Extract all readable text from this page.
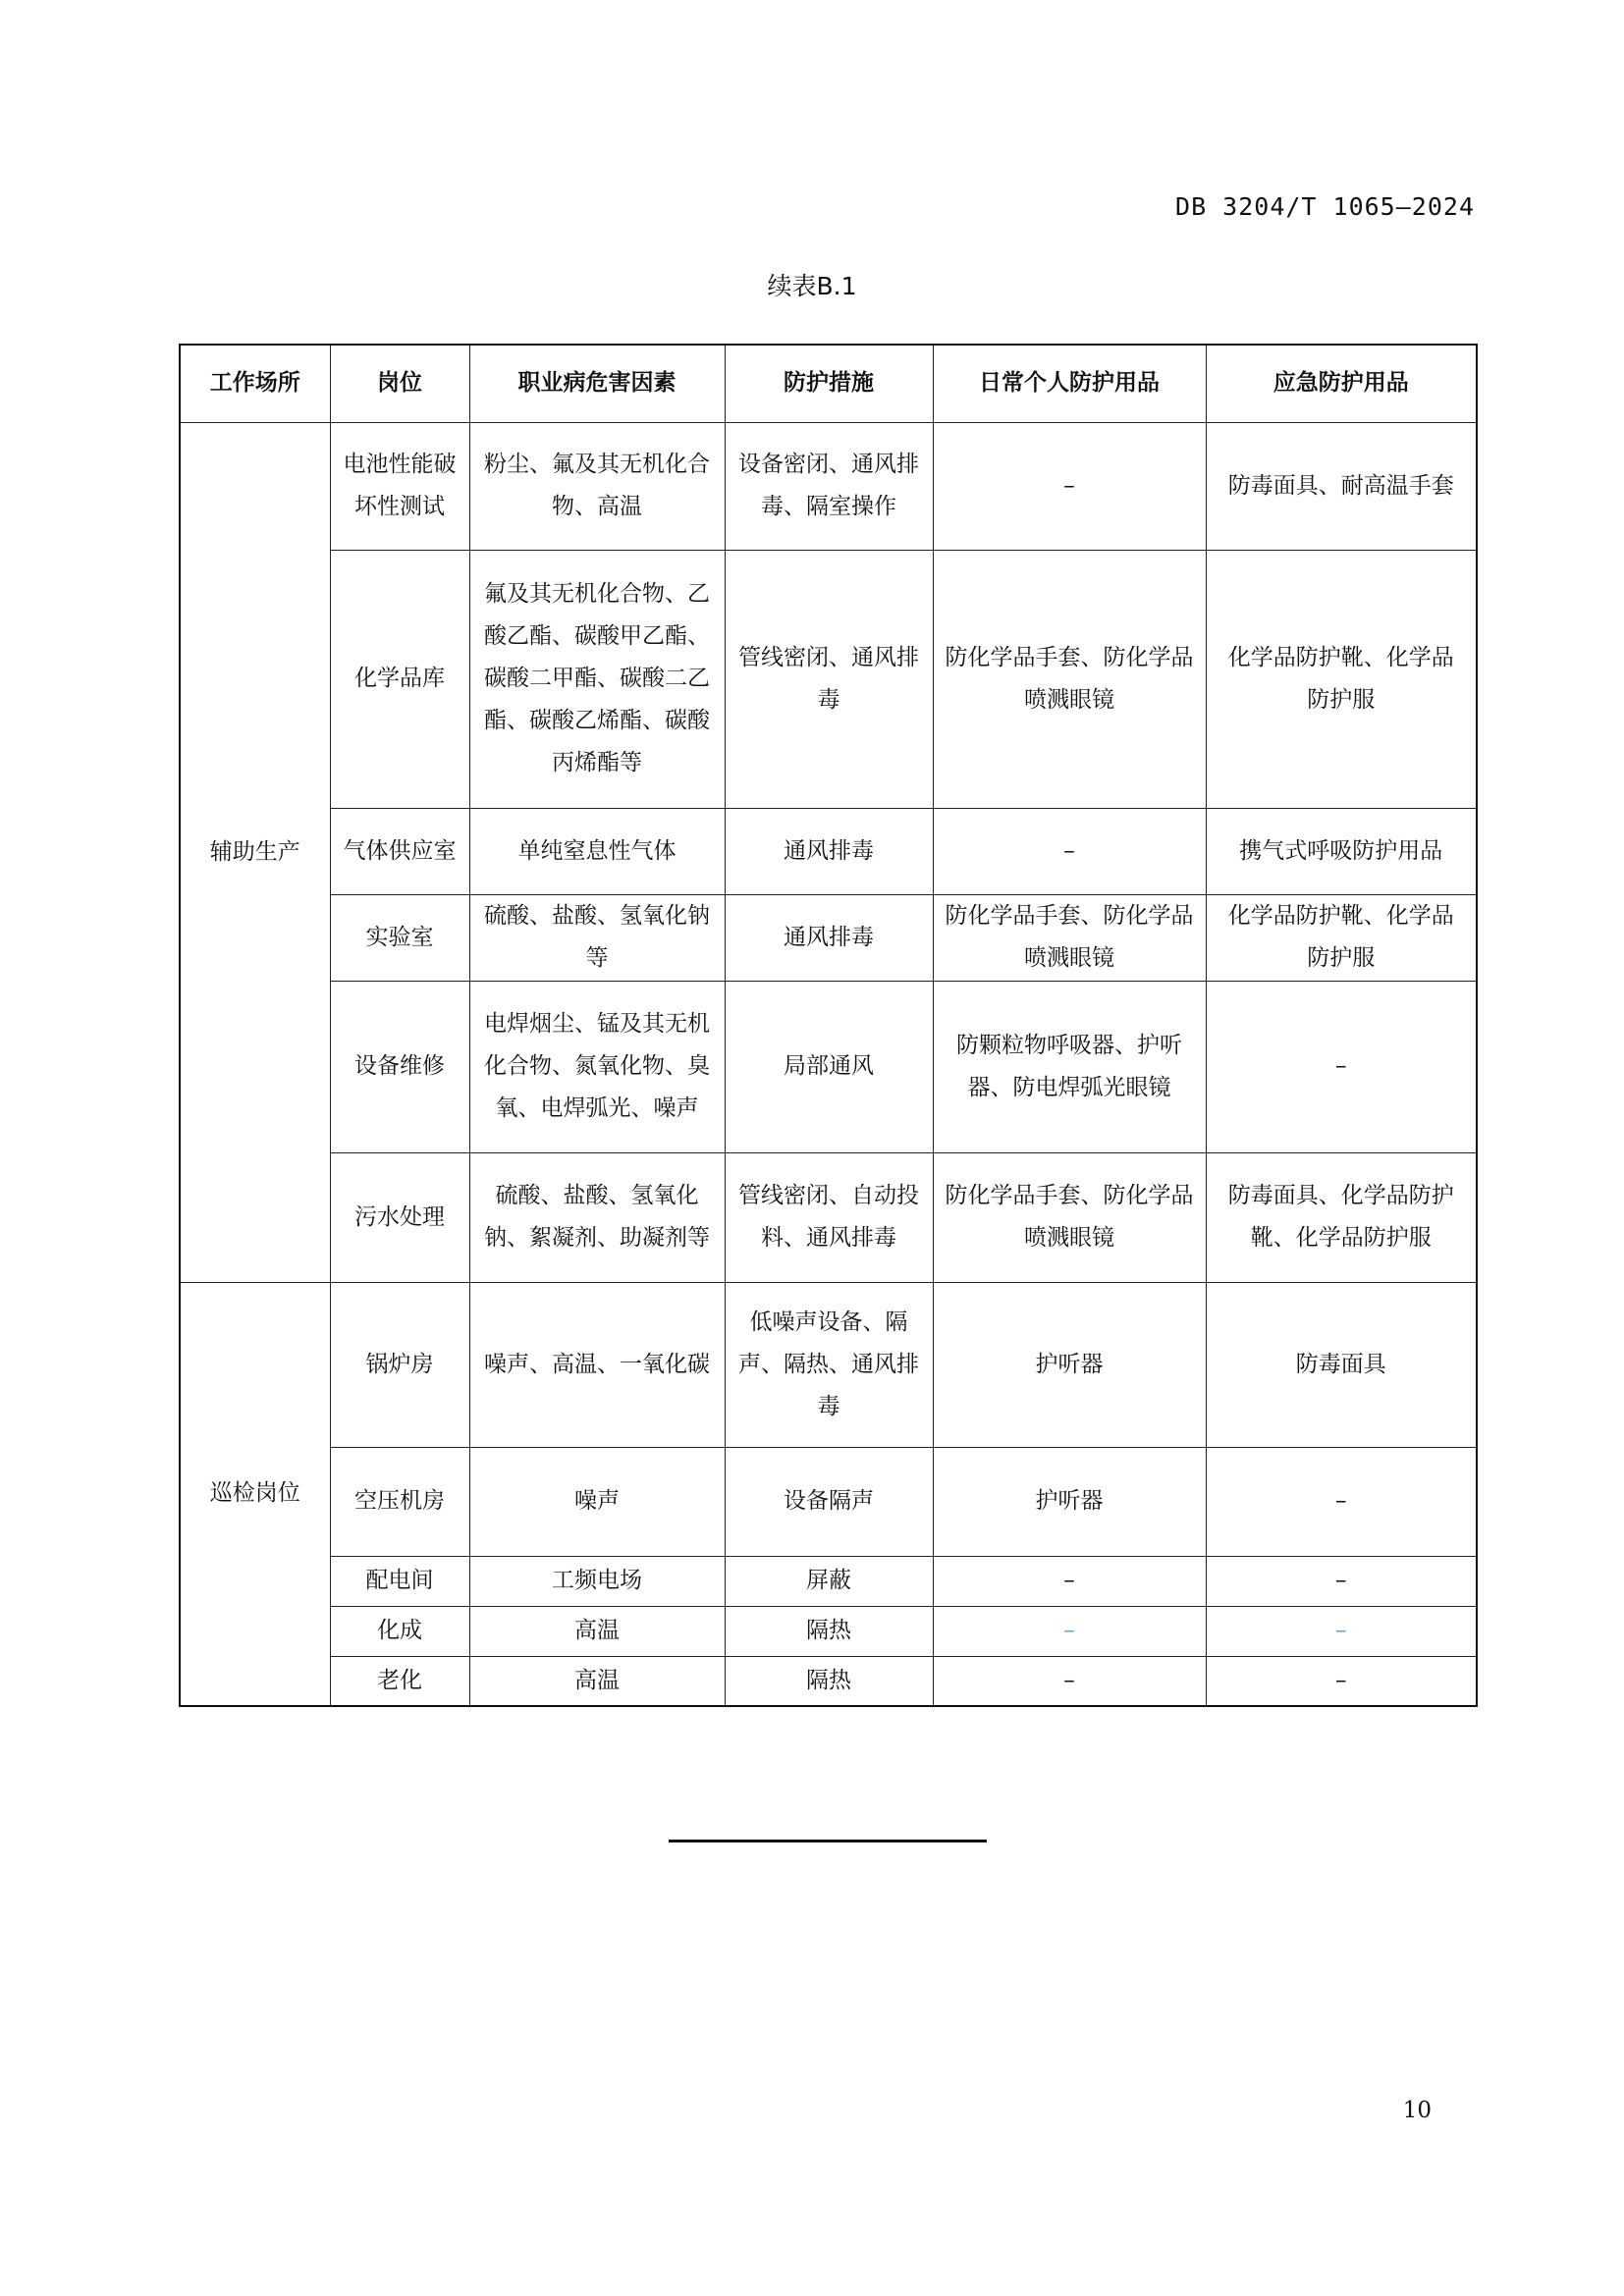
DB 3204/T 1065—2024
续表B.1
工作场所	岗位	职业病危害因素	防护措施	日常个人防护用品	应急防护用品
辅助生产	电池性能破坏性测试	粉尘、氟及其无机化合物、高温	设备密闭、通风排毒、隔室操作	–	防毒面具、耐高温手套
	化学品库	氟及其无机化合物、乙酸乙酯、碳酸甲乙酯、碳酸二甲酯、碳酸二乙酯、碳酸乙烯酯、碳酸丙烯酯等	管线密闭、通风排毒	防化学品手套、防化学品喷溅眼镜	化学品防护靴、化学品防护服
	气体供应室	单纯窒息性气体	通风排毒	–	携气式呼吸防护用品
	实验室	硫酸、盐酸、氢氧化钠等	通风排毒	防化学品手套、防化学品喷溅眼镜	化学品防护靴、化学品防护服
	设备维修	电焊烟尘、锰及其无机化合物、氮氧化物、臭氧、电焊弧光、噪声	局部通风	防颗粒物呼吸器、护听器、防电焊弧光眼镜	–
	污水处理	硫酸、盐酸、氢氧化钠、絮凝剂、助凝剂等	管线密闭、自动投料、通风排毒	防化学品手套、防化学品喷溅眼镜	防毒面具、化学品防护靴、化学品防护服
巡检岗位	锅炉房	噪声、高温、一氧化碳	低噪声设备、隔声、隔热、通风排毒	护听器	防毒面具
	空压机房	噪声	设备隔声	护听器	–
	配电间	工频电场	屏蔽	–	–
	化成	高温	隔热	–	–
	老化	高温	隔热	–	–
10
